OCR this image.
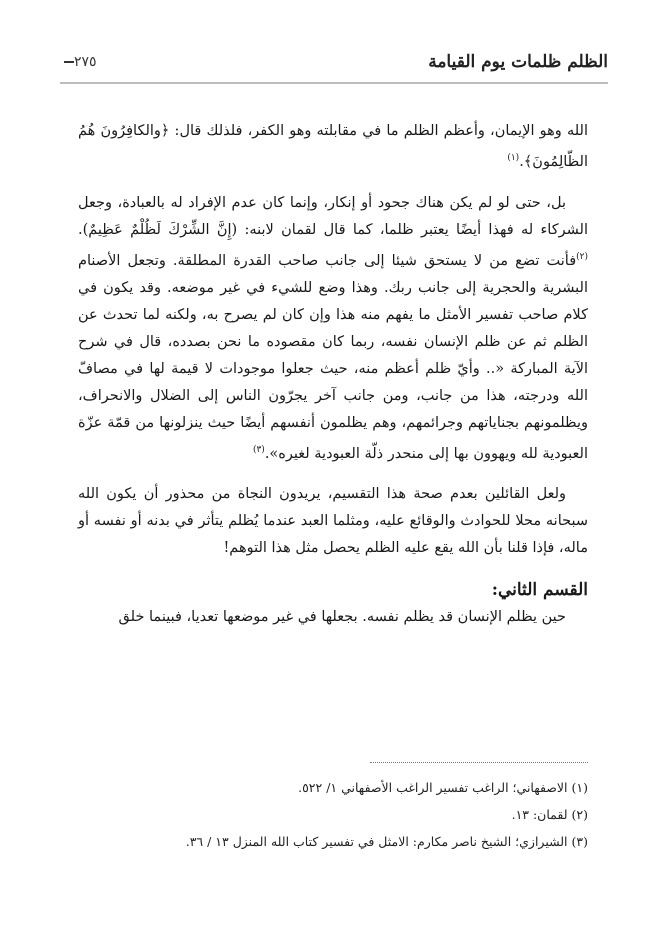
الظلم ظلمات يوم القيامة
٢٧٥

الله وهو الإيمان، وأعظم الظلم ما في مقابلته وهو الكفر، فلذلك قال: ﴿والكافِرُونَ هُمُ الظّالِمُونَ﴾.$^{(١)}$

بل، حتى لو لم يكن هناك جحود أو إنكار، وإنما كان عدم الإفراد له بالعبادة، وجعل الشركاء له فهذا أيضًا يعتبر ظلما، كما قال لقمان لابنه: (إِنَّ الشِّرْكَ لَظُلْمٌ عَظِيمٌ).$^{(٢)}$فأنت تضع من لا يستحق شيئا إلى جانب صاحب القدرة المطلقة. وتجعل الأصنام البشرية والحجرية إلى جانب ربك. وهذا وضع للشيء في غير موضعه. وقد يكون في كلام صاحب تفسير الأمثل ما يفهم منه هذا وإن كان لم يصرح به، ولكنه لما تحدث عن الظلم ثم عن ظلم الإنسان نفسه، ربما كان مقصوده ما نحن بصدده، قال في شرح الآية المباركة «.. وأيّ ظلم أعظم منه، حيث جعلوا موجودات لا قيمة لها في مصافّ الله ودرجته، هذا من جانب، ومن جانب آخر يجرّون الناس إلى الضلال والانحراف، ويظلمونهم بجناياتهم وجرائمهم، وهم يظلمون أنفسهم أيضًا حيث ينزلونها من قمّة عزّة العبودية لله ويهوون بها إلى منحدر ذلّة العبودية لغيره».$^{(٣)}$

ولعل القائلين بعدم صحة هذا التقسيم، يريدون النجاة من محذور أن يكون الله سبحانه محلا للحوادث والوقائع عليه، ومثلما العبد عندما يُظلم يتأثر في بدنه أو نفسه أو ماله، فإذا قلنا بأن الله يقع عليه الظلم يحصل مثل هذا التوهم!

القسم الثاني:

حين يظلم الإنسان قد يظلم نفسه. بجعلها في غير موضعها تعديا، فبينما خلق

(١) الاصفهاني؛ الراغب تفسير الراغب الأصفهاني ١/ ٥٢٢.

(٢) لقمان: ١٣.

(٣) الشيرازي؛ الشيخ ناصر مكارم: الامثل في تفسير كتاب الله المنزل ١٣ / ٣٦.
